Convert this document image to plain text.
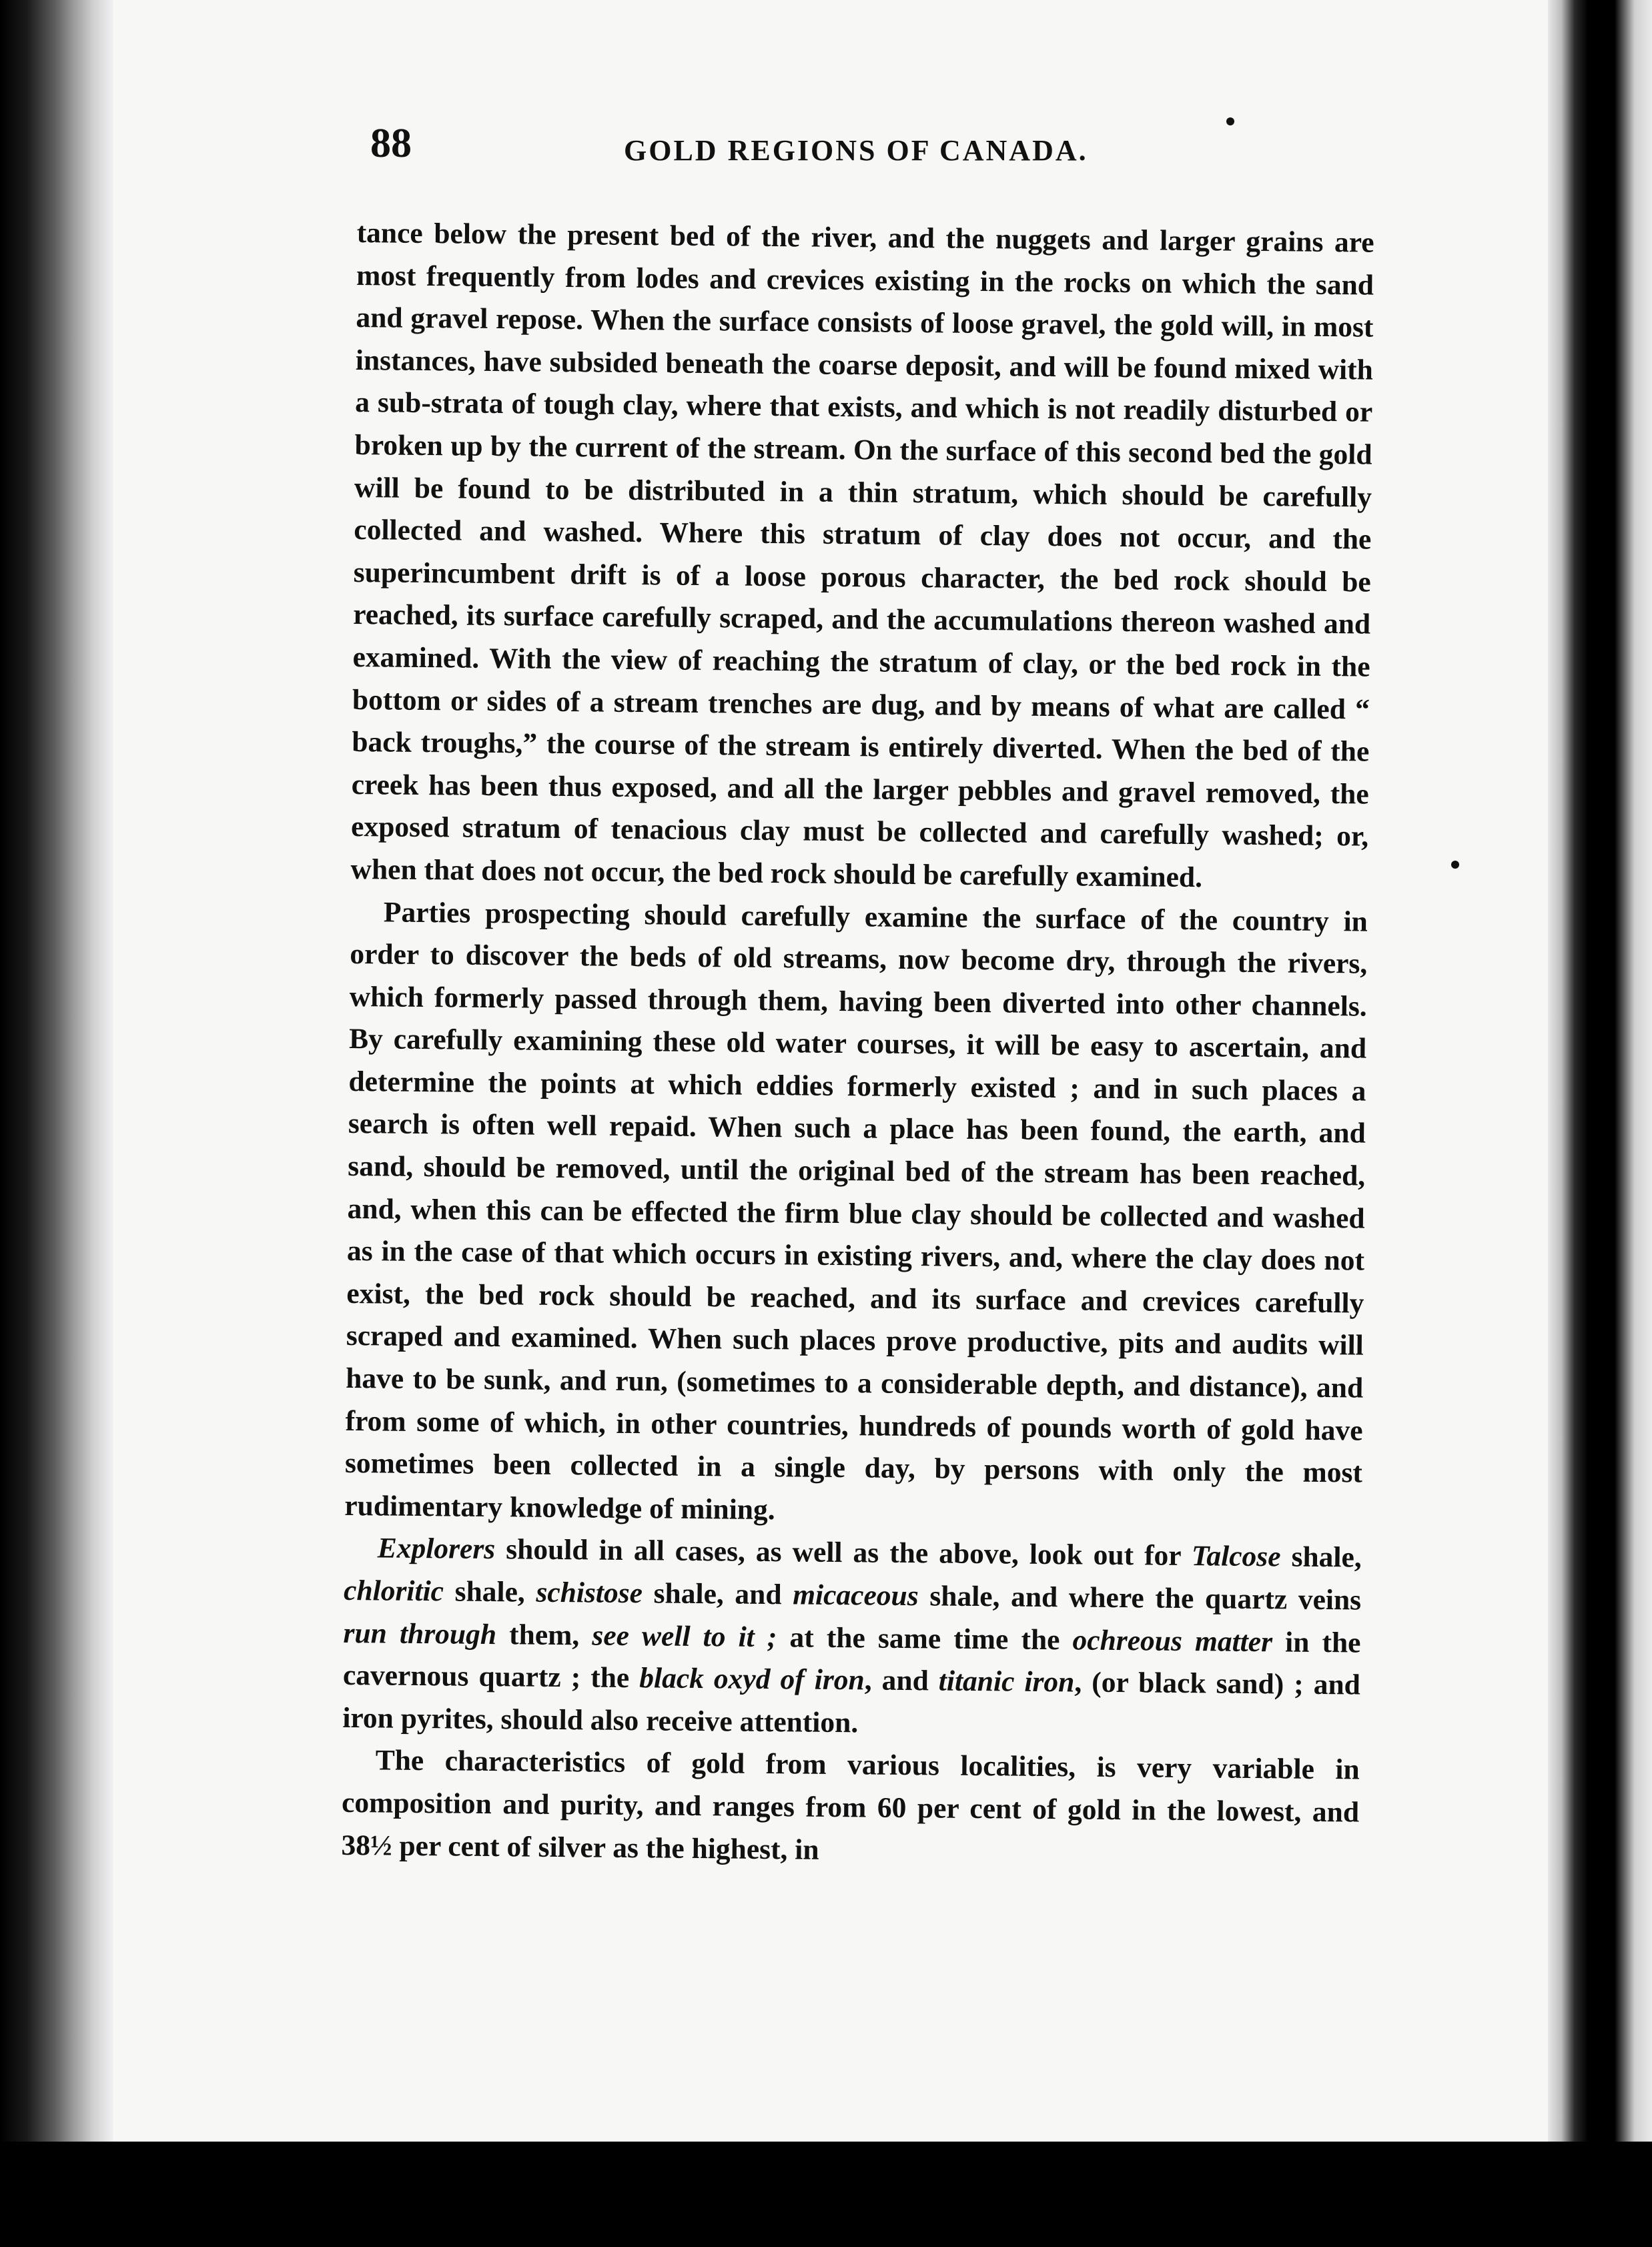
88	GOLD REGIONS OF CANADA.

tance below the present bed of the river, and the nuggets and larger grains are most frequently from lodes and crevices existing in the rocks on which the sand and gravel repose. When the surface consists of loose gravel, the gold will, in most instances, have subsided beneath the coarse deposit, and will be found mixed with a sub-strata of tough clay, where that exists, and which is not readily disturbed or broken up by the current of the stream. On the surface of this second bed the gold will be found to be distributed in a thin stratum, which should be carefully collected and washed. Where this stratum of clay does not occur, and the superincumbent drift is of a loose porous character, the bed rock should be reached, its surface carefully scraped, and the accumulations thereon washed and examined. With the view of reaching the stratum of clay, or the bed rock in the bottom or sides of a stream trenches are dug, and by means of what are called “ back troughs,” the course of the stream is entirely diverted. When the bed of the creek has been thus exposed, and all the larger pebbles and gravel removed, the exposed stratum of tenacious clay must be collected and carefully washed; or, when that does not occur, the bed rock should be carefully examined.

Parties prospecting should carefully examine the surface of the country in order to discover the beds of old streams, now become dry, through the rivers, which formerly passed through them, having been diverted into other channels. By carefully examining these old water courses, it will be easy to ascertain, and determine the points at which eddies formerly existed ; and in such places a search is often well repaid. When such a place has been found, the earth, and sand, should be removed, until the original bed of the stream has been reached, and, when this can be effected the firm blue clay should be collected and washed as in the case of that which occurs in existing rivers, and, where the clay does not exist, the bed rock should be reached, and its surface and crevices carefully scraped and examined. When such places prove productive, pits and audits will have to be sunk, and run, (sometimes to a considerable depth, and distance), and from some of which, in other countries, hundreds of pounds worth of gold have sometimes been collected in a single day, by persons with only the most rudimentary knowledge of mining.

Explorers should in all cases, as well as the above, look out for Talcose shale, chloritic shale, schistose shale, and micaceous shale, and where the quartz veins run through them, see well to it ; at the same time the ochreous matter in the cavernous quartz ; the black oxyd of iron, and titanic iron, (or black sand) ; and iron pyrites, should also receive attention.

The characteristics of gold from various localities, is very variable in composition and purity, and ranges from 60 per cent of gold in the lowest, and 38½ per cent of silver as the highest, in
